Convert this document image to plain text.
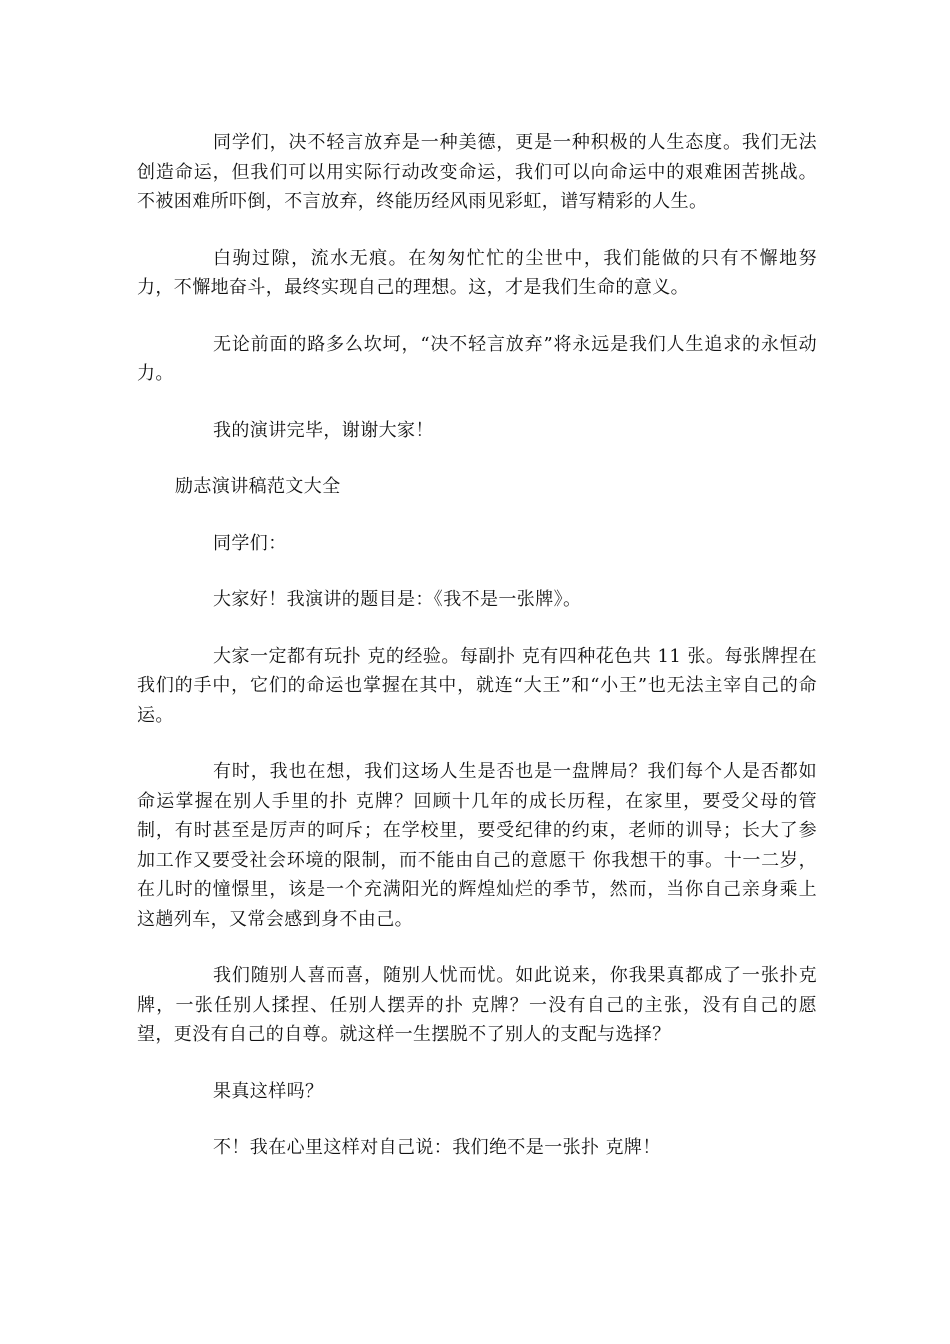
同学们，决不轻言放弃是一种美德，更是一种积极的人生态度。我们无法创造命运，但我们可以用实际行动改变命运，我们可以向命运中的艰难困苦挑战。不被困难所吓倒，不言放弃，终能历经风雨见彩虹，谱写精彩的人生。

白驹过隙，流水无痕。在匆匆忙忙的尘世中，我们能做的只有不懈地努力，不懈地奋斗，最终实现自己的理想。这，才是我们生命的意义。

无论前面的路多么坎坷，“决不轻言放弃”将永远是我们人生追求的永恒动力。

我的演讲完毕，谢谢大家！

励志演讲稿范文大全

同学们：

大家好！我演讲的题目是：《我不是一张牌》。

大家一定都有玩扑 克的经验。每副扑 克有四种花色共 11 张。每张牌捏在我们的手中，它们的命运也掌握在其中，就连“大王”和“小王”也无法主宰自己的命运。

有时，我也在想，我们这场人生是否也是一盘牌局？我们每个人是否都如命运掌握在别人手里的扑 克牌？回顾十几年的成长历程，在家里，要受父母的管制，有时甚至是厉声的呵斥；在学校里，要受纪律的约束，老师的训导；长大了参加工作又要受社会环境的限制，而不能由自己的意愿干 你我想干的事。十一二岁，在儿时的憧憬里，该是一个充满阳光的辉煌灿烂的季节，然而，当你自己亲身乘上这趟列车，又常会感到身不由己。

我们随别人喜而喜，随别人忧而忧。如此说来，你我果真都成了一张扑克牌，一张任别人揉捏、任别人摆弄的扑 克牌？一没有自己的主张，没有自己的愿望，更没有自己的自尊。就这样一生摆脱不了别人的支配与选择？

果真这样吗？

不！我在心里这样对自己说：我们绝不是一张扑 克牌！
